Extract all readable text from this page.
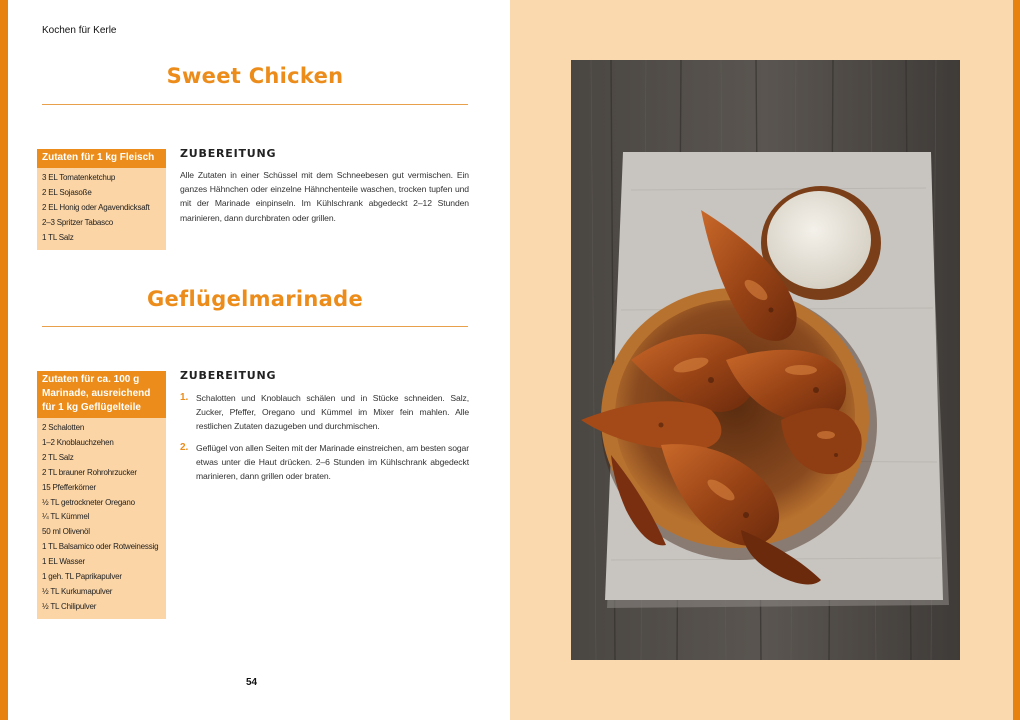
Kochen für Kerle
Sweet Chicken
Zutaten für 1 kg Fleisch
3 EL Tomatenketchup
2 EL Sojasoße
2 EL Honig oder Agavendicksaft
2–3 Spritzer Tabasco
1 TL Salz
ZUBEREITUNG

Alle Zutaten in einer Schüssel mit dem Schneebesen gut vermischen. Ein ganzes Hähnchen oder einzelne Hähnchenteile waschen, trocken tupfen und mit der Marinade einpinseln. Im Kühlschrank abgedeckt 2–12 Stunden marinieren, dann durchbraten oder grillen.

Geflügelmarinade
Zutaten für ca. 100 g Marinade, ausreichend für 1 kg Geflügelteile
2 Schalotten
1–2 Knoblauchzehen
2 TL Salz
2 TL brauner Rohrohrzucker
15 Pfefferkörner
½ TL getrockneter Oregano
¼ TL Kümmel
50 ml Olivenöl
1 TL Balsamico oder Rotweinessig
1 EL Wasser
1 geh. TL Paprikapulver
½ TL Kurkumapulver
½ TL Chilipulver
ZUBEREITUNG
1. Schalotten und Knoblauch schälen und in Stücke schneiden. Salz, Zucker, Pfeffer, Oregano und Kümmel im Mixer fein mahlen. Alle restlichen Zutaten dazugeben und durchmischen.
2. Geflügel von allen Seiten mit der Marinade einstreichen, am besten sogar etwas unter die Haut drücken. 2–6 Stunden im Kühlschrank abgedeckt marinieren, dann grillen oder braten.
54
